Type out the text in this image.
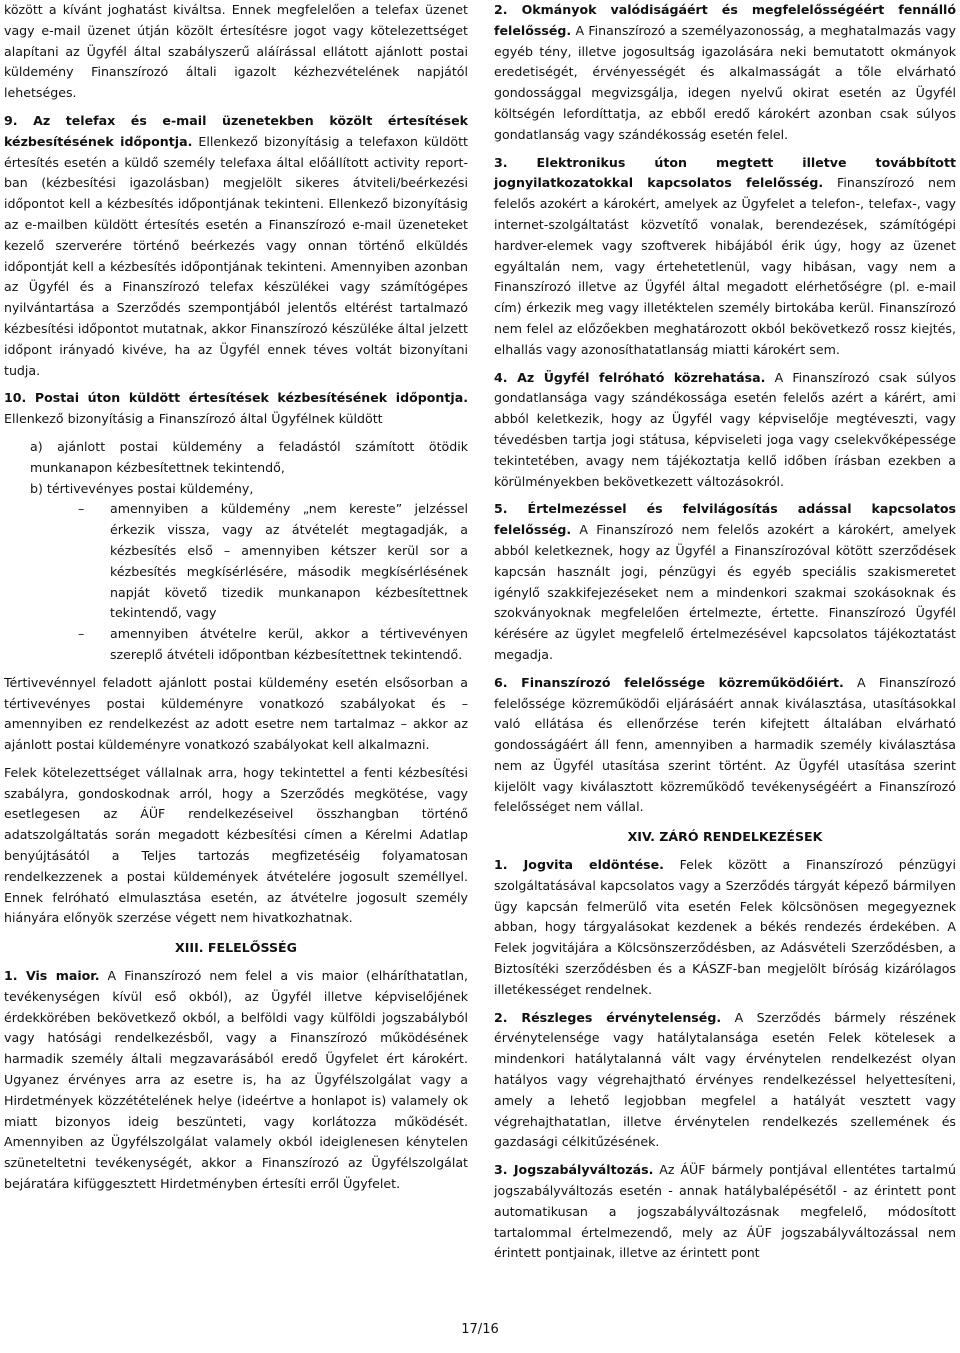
között a kívánt joghatást kiváltsa. Ennek megfelelően a telefax üzenet vagy e-mail üzenet útján közölt értesítésre jogot vagy kötelezettséget alapítani az Ügyfél által szabályszerű aláírással ellátott ajánlott postai küldemény Finanszírozó általi igazolt kézhezvételének napjától lehetséges.

9. Az telefax és e-mail üzenetekben közölt értesítések kézbesítésének időpontja. Ellenkező bizonyításig a telefaxon küldött értesítés esetén a küldő személy telefaxa által előállított activity report-ban (kézbesítési igazolásban) megjelölt sikeres átviteli/beérkezési időpontot kell a kézbesítés időpontjának tekinteni. Ellenkező bizonyításig az e-mailben küldött értesítés esetén a Finanszírozó e-mail üzeneteket kezelő szerverére történő beérkezés vagy onnan történő elküldés időpontját kell a kézbesítés időpontjának tekinteni. Amennyiben azonban az Ügyfél és a Finanszírozó telefax készülékei vagy számítógépes nyilvántartása a Szerződés szempontjából jelentős eltérést tartalmazó kézbesítési időpontot mutatnak, akkor Finanszírozó készüléke által jelzett időpont irányadó kivéve, ha az Ügyfél ennek téves voltát bizonyítani tudja.

10. Postai úton küldött értesítések kézbesítésének időpontja. Ellenkező bizonyításig a Finanszírozó által Ügyfélnek küldött

a) ajánlott postai küldemény a feladástól számított ötödik munkanapon kézbesítettnek tekintendő,

b) tértivevényes postai küldemény,

– amennyiben a küldemény „nem kereste” jelzéssel érkezik vissza, vagy az átvételét megtagadják, a kézbesítés első – amennyiben kétszer kerül sor a kézbesítés megkísérlésére, második megkísérlésének napját követő tizedik munkanapon kézbesítettnek tekintendő, vagy

– amennyiben átvételre kerül, akkor a tértivevényen szereplő átvételi időpontban kézbesítettnek tekintendő.

Tértivevénnyel feladott ajánlott postai küldemény esetén elsősorban a tértivevényes postai küldeményre vonatkozó szabályokat és – amennyiben ez rendelkezést az adott esetre nem tartalmaz – akkor az ajánlott postai küldeményre vonatkozó szabályokat kell alkalmazni.

Felek kötelezettséget vállalnak arra, hogy tekintettel a fenti kézbesítési szabályra, gondoskodnak arról, hogy a Szerződés megkötése, vagy esetlegesen az ÁÜF rendelkezéseivel összhangban történő adatszolgáltatás során megadott kézbesítési címen a Kérelmi Adatlap benyújtásától a Teljes tartozás megfizetéséig folyamatosan rendelkezzenek a postai küldemények átvételére jogosult személlyel. Ennek felróható elmulasztása esetén, az átvételre jogosult személy hiányára előnyök szerzése végett nem hivatkozhatnak.

XIII. FELELŐSSÉG

1. Vis maior. A Finanszírozó nem felel a vis maior (elháríthatatlan, tevékenységen kívül eső okból), az Ügyfél illetve képviselőjének érdekkörében bekövetkező okból, a belföldi vagy külföldi jogszabályból vagy hatósági rendelkezésből, vagy a Finanszírozó működésének harmadik személy általi megzavarásából eredő Ügyfelet ért károkért. Ugyanez érvényes arra az esetre is, ha az Ügyfélszolgálat vagy a Hirdetmények közzétételének helye (ideértve a honlapot is) valamely ok miatt bizonyos ideig beszünteti, vagy korlátozza működését. Amennyiben az Ügyfélszolgálat valamely okból ideiglenesen kénytelen szüneteltetni tevékenységét, akkor a Finanszírozó az Ügyfélszolgálat bejáratára kifüggesztett Hirdetményben értesíti erről Ügyfelet.

2. Okmányok valódiságáért és megfelelősségéért fennálló felelősség. A Finanszírozó a személyazonosság, a meghatalmazás vagy egyéb tény, illetve jogosultság igazolására neki bemutatott okmányok eredetiségét, érvényességét és alkalmasságát a tőle elvárható gondossággal megvizsgálja, idegen nyelvű okirat esetén az Ügyfél költségén lefordíttatja, az ebből eredő károkért azonban csak súlyos gondatlanság vagy szándékosság esetén felel.

3. Elektronikus úton megtett illetve továbbított jognyilatkozatokkal kapcsolatos felelősség. Finanszírozó nem felelős azokért a károkért, amelyek az Ügyfelet a telefon-, telefax-, vagy internet-szolgáltatást közvetítő vonalak, berendezések, számítógépi hardver-elemek vagy szoftverek hibájából érik úgy, hogy az üzenet egyáltalán nem, vagy értehetetlenül, vagy hibásan, vagy nem a Finanszírozó illetve az Ügyfél által megadott elérhetőségre (pl. e-mail cím) érkezik meg vagy illetéktelen személy birtokába kerül. Finanszírozó nem felel az előzőekben meghatározott okból bekövetkező rossz kiejtés, elhallás vagy azonosíthatatlanság miatti károkért sem.

4. Az Ügyfél felróható közrehatása. A Finanszírozó csak súlyos gondatlansága vagy szándékossága esetén felelős azért a kárért, ami abból keletkezik, hogy az Ügyfél vagy képviselője megtéveszti, vagy tévedésben tartja jogi státusa, képviseleti joga vagy cselekvőképessége tekintetében, avagy nem tájékoztatja kellő időben írásban ezekben a körülményekben bekövetkezett változásokról.

5. Értelmezéssel és felvilágosítás adással kapcsolatos felelősség. A Finanszírozó nem felelős azokért a károkért, amelyek abból keletkeznek, hogy az Ügyfél a Finanszírozóval kötött szerződések kapcsán használt jogi, pénzügyi és egyéb speciális szakismeretet igénylő szakkifejezéseket nem a mindenkori szakmai szokásoknak és szokványoknak megfelelően értelmezte, értette. Finanszírozó Ügyfél kérésére az ügylet megfelelő értelmezésével kapcsolatos tájékoztatást megadja.

6. Finanszírozó felelőssége közreműködőiért. A Finanszírozó felelőssége közreműködői eljárásáért annak kiválasztása, utasításokkal való ellátása és ellenőrzése terén kifejtett általában elvárható gondosságáért áll fenn, amennyiben a harmadik személy kiválasztása nem az Ügyfél utasítása szerint történt. Az Ügyfél utasítása szerint kijelölt vagy kiválasztott közreműködő tevékenységéért a Finanszírozó felelősséget nem vállal.

XIV. ZÁRÓ RENDELKEZÉSEK

1. Jogvita eldöntése. Felek között a Finanszírozó pénzügyi szolgáltatásával kapcsolatos vagy a Szerződés tárgyát képező bármilyen ügy kapcsán felmerülő vita esetén Felek kölcsönösen megegyeznek abban, hogy tárgyalásokat kezdenek a békés rendezés érdekében. A Felek jogvitájára a Kölcsönszerződésben, az Adásvételi Szerződésben, a Biztosítéki szerződésben és a KÁSZF-ban megjelölt bíróság kizárólagos illetékességet rendelnek.

2. Részleges érvénytelenség. A Szerződés bármely részének érvénytelensége vagy hatálytalansága esetén Felek kötelesek a mindenkori hatálytalanná vált vagy érvénytelen rendelkezést olyan hatályos vagy végrehajtható érvényes rendelkezéssel helyettesíteni, amely a lehető legjobban megfelel a hatályát vesztett vagy végrehajthatatlan, illetve érvénytelen rendelkezés szellemének és gazdasági célkitűzésének.

3. Jogszabályváltozás. Az ÁÜF bármely pontjával ellentétes tartalmú jogszabályváltozás esetén - annak hatálybalépésétől - az érintett pont automatikusan a jogszabályváltozásnak megfelelő, módosított tartalommal értelmezendő, mely az ÁÜF jogszabályváltozással nem érintett pontjainak, illetve az érintett pont

17/16
